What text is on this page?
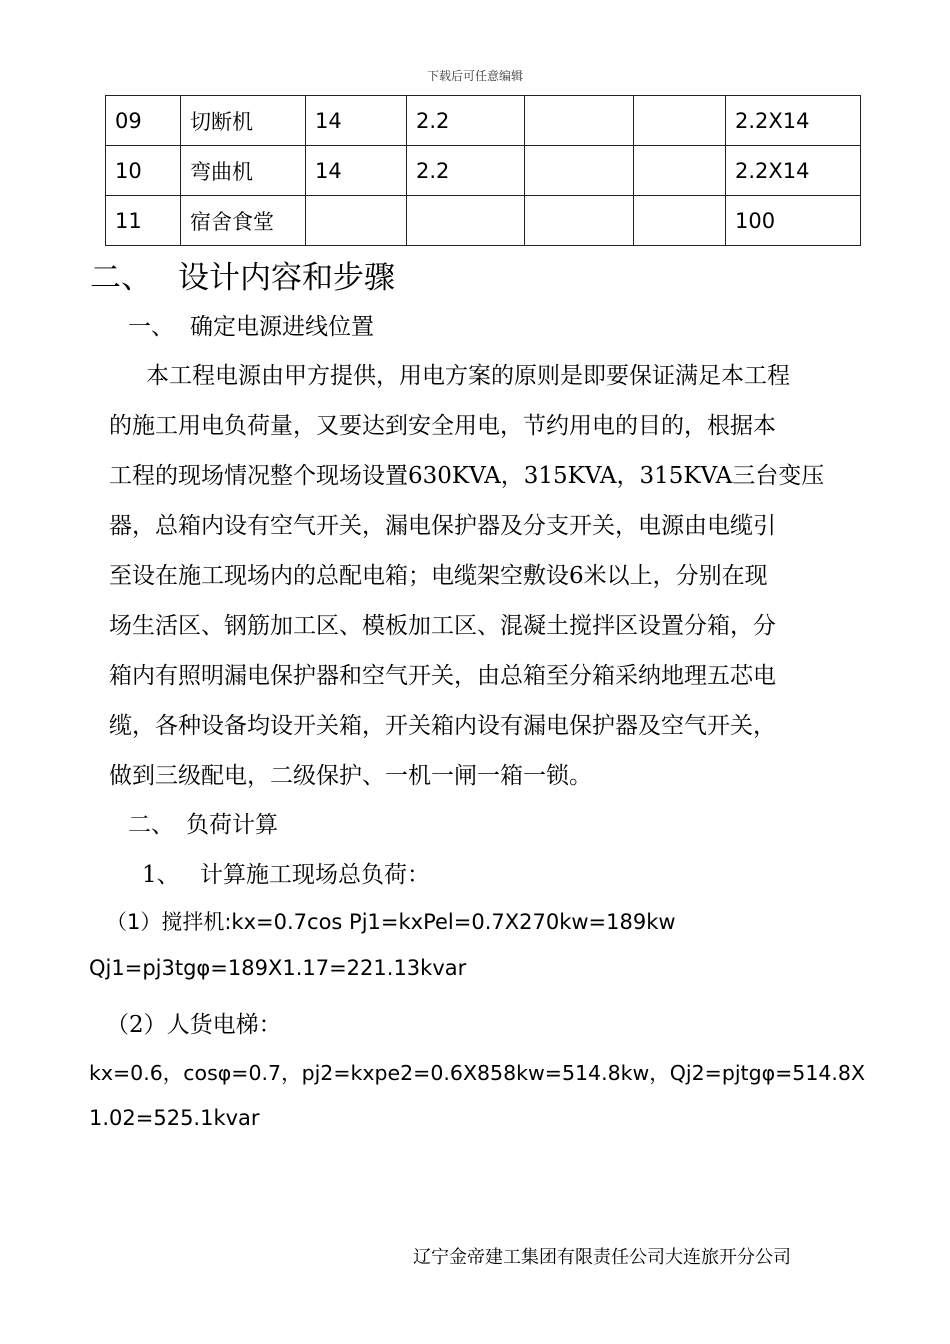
下载后可任意编辑
09	切断机	14	2.2			2.2X14
10	弯曲机	14	2.2			2.2X14
11	宿舍食堂					100
二、 设计内容和步骤
一、 确定电源进线位置
本工程电源由甲方提供，用电方案的原则是即要保证满足本工程
的施工用电负荷量，又要达到安全用电，节约用电的目的，根据本
工程的现场情况整个现场设置630KVA，315KVA，315KVA三台变压
器，总箱内设有空气开关，漏电保护器及分支开关，电源由电缆引
至设在施工现场内的总配电箱；电缆架空敷设6米以上，分别在现
场生活区、钢筋加工区、模板加工区、混凝土搅拌区设置分箱，分
箱内有照明漏电保护器和空气开关，由总箱至分箱采纳地理五芯电
缆，各种设备均设开关箱，开关箱内设有漏电保护器及空气开关，
做到三级配电，二级保护、一机一闸一箱一锁。
二、 负荷计算
1、 计算施工现场总负荷：
（1）搅拌机:kx=0.7cos Pj1=kxPel=0.7X270kw=189kw
Qj1=pj3tgφ=189X1.17=221.13kvar
（2）人货电梯：
kx=0.6，cosφ=0.7，pj2=kxpe2=0.6X858kw=514.8kw，Qj2=pjtgφ=514.8X
1.02=525.1kvar
辽宁金帝建工集团有限责任公司大连旅开分公司
